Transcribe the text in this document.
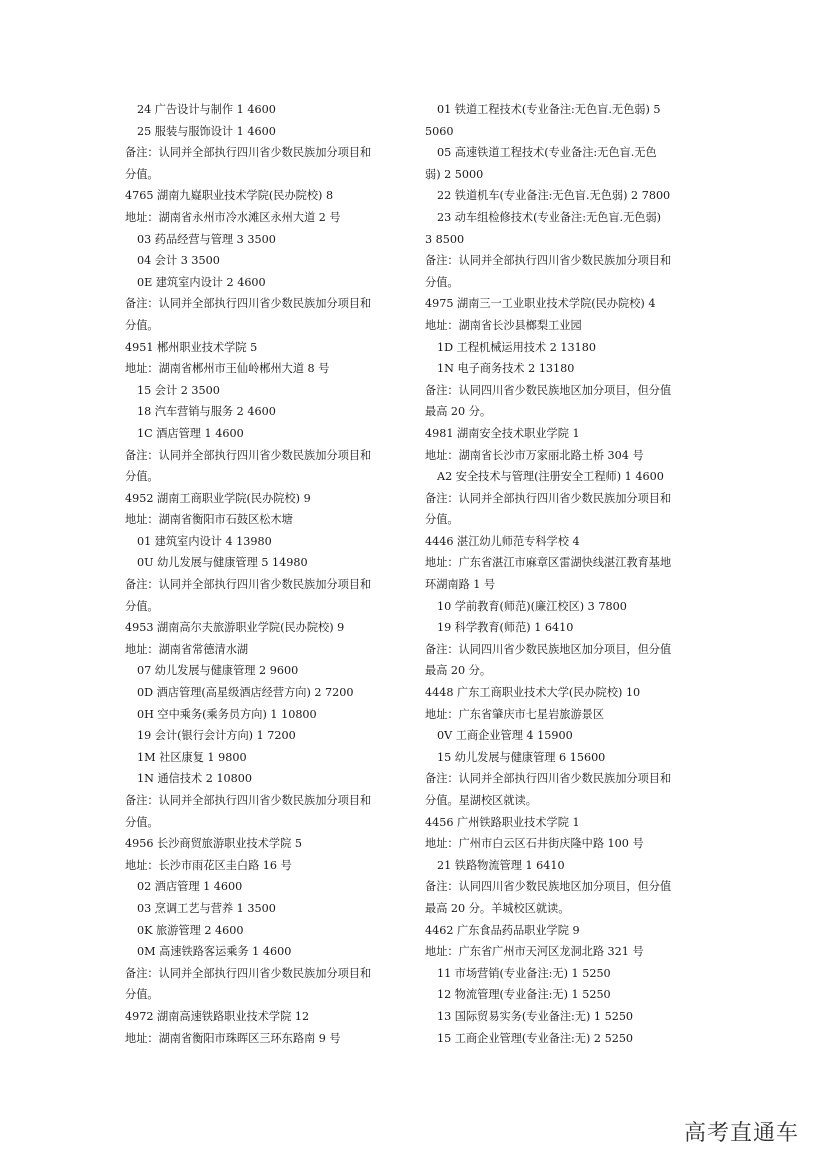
24 广告设计与制作 1 4600
25 服装与服饰设计 1 4600
备注：认同并全部执行四川省少数民族加分项目和
分值。
4765 湖南九嶷职业技术学院(民办院校) 8
地址：湖南省永州市冷水滩区永州大道 2 号
03 药品经营与管理 3 3500
04 会计 3 3500
0E 建筑室内设计 2 4600
备注：认同并全部执行四川省少数民族加分项目和
分值。
4951 郴州职业技术学院 5
地址：湖南省郴州市王仙岭郴州大道 8 号
15 会计 2 3500
18 汽车营销与服务 2 4600
1C 酒店管理 1 4600
备注：认同并全部执行四川省少数民族加分项目和
分值。
4952 湖南工商职业学院(民办院校) 9
地址：湖南省衡阳市石鼓区松木塘
01 建筑室内设计 4 13980
0U 幼儿发展与健康管理 5 14980
备注：认同并全部执行四川省少数民族加分项目和
分值。
4953 湖南高尔夫旅游职业学院(民办院校) 9
地址：湖南省常德清水湖
07 幼儿发展与健康管理 2 9600
0D 酒店管理(高星级酒店经营方向) 2 7200
0H 空中乘务(乘务员方向) 1 10800
19 会计(银行会计方向) 1 7200
1M 社区康复 1 9800
1N 通信技术 2 10800
备注：认同并全部执行四川省少数民族加分项目和
分值。
4956 长沙商贸旅游职业技术学院 5
地址：长沙市雨花区圭白路 16 号
02 酒店管理 1 4600
03 烹调工艺与营养 1 3500
0K 旅游管理 2 4600
0M 高速铁路客运乘务 1 4600
备注：认同并全部执行四川省少数民族加分项目和
分值。
4972 湖南高速铁路职业技术学院 12
地址：湖南省衡阳市珠晖区三环东路南 9 号
01 铁道工程技术(专业备注:无色盲.无色弱) 5
5060
05 高速铁道工程技术(专业备注:无色盲.无色
弱) 2 5000
22 铁道机车(专业备注:无色盲.无色弱) 2 7800
23 动车组检修技术(专业备注:无色盲.无色弱)
3 8500
备注：认同并全部执行四川省少数民族加分项目和
分值。
4975 湖南三一工业职业技术学院(民办院校) 4
地址：湖南省长沙县榔梨工业园
1D 工程机械运用技术 2 13180
1N 电子商务技术 2 13180
备注：认同四川省少数民族地区加分项目，但分值
最高 20 分。
4981 湖南安全技术职业学院 1
地址：湖南省长沙市万家丽北路土桥 304 号
A2 安全技术与管理(注册安全工程师) 1 4600
备注：认同并全部执行四川省少数民族加分项目和
分值。
4446 湛江幼儿师范专科学校 4
地址：广东省湛江市麻章区雷湖快线湛江教育基地
环湖南路 1 号
10 学前教育(师范)(廉江校区) 3 7800
19 科学教育(师范) 1 6410
备注：认同四川省少数民族地区加分项目，但分值
最高 20 分。
4448 广东工商职业技术大学(民办院校) 10
地址：广东省肇庆市七星岩旅游景区
0V 工商企业管理 4 15900
15 幼儿发展与健康管理 6 15600
备注：认同并全部执行四川省少数民族加分项目和
分值。星湖校区就读。
4456 广州铁路职业技术学院 1
地址：广州市白云区石井街庆隆中路 100 号
21 铁路物流管理 1 6410
备注：认同四川省少数民族地区加分项目，但分值
最高 20 分。羊城校区就读。
4462 广东食品药品职业学院 9
地址：广东省广州市天河区龙洞北路 321 号
11 市场营销(专业备注:无) 1 5250
12 物流管理(专业备注:无) 1 5250
13 国际贸易实务(专业备注:无) 1 5250
15 工商企业管理(专业备注:无) 2 5250
高考直通车
